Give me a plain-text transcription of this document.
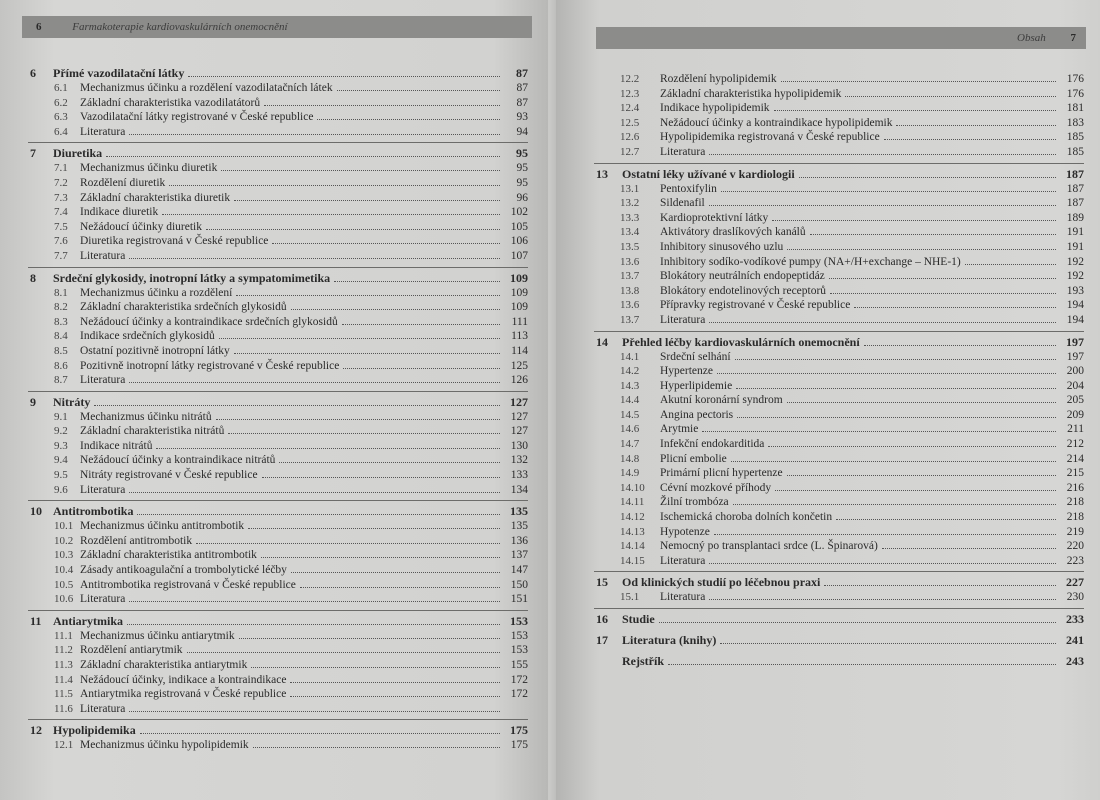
6	Farmakoterapie kardiovaskulárních onemocnění
6	Přímé vazodilatační látky	87
6.1	Mechanizmus účinku a rozdělení vazodilatačních látek	87
6.2	Základní charakteristika vazodilatátorů	87
6.3	Vazodilatační látky registrované v České republice	93
6.4	Literatura	94
7	Diuretika	95
7.1	Mechanizmus účinku diuretik	95
7.2	Rozdělení diuretik	95
7.3	Základní charakteristika diuretik	96
7.4	Indikace diuretik	102
7.5	Nežádoucí účinky diuretik	105
7.6	Diuretika registrovaná v České republice	106
7.7	Literatura	107
8	Srdeční glykosidy, inotropní látky a sympatomimetika	109
8.1	Mechanizmus účinku a rozdělení	109
8.2	Základní charakteristika srdečních glykosidů	109
8.3	Nežádoucí účinky a kontraindikace srdečních glykosidů	111
8.4	Indikace srdečních glykosidů	113
8.5	Ostatní pozitivně inotropní látky	114
8.6	Pozitivně inotropní látky registrované v České republice	125
8.7	Literatura	126
9	Nitráty	127
9.1	Mechanizmus účinku nitrátů	127
9.2	Základní charakteristika nitrátů	127
9.3	Indikace nitrátů	130
9.4	Nežádoucí účinky a kontraindikace nitrátů	132
9.5	Nitráty registrované v České republice	133
9.6	Literatura	134
10 Antitrombotika	135
10.1 Mechanizmus účinku antitrombotik	135
10.2 Rozdělení antitrombotik	136
10.3 Základní charakteristika antitrombotik	137
10.4 Zásady antikoagulační a trombolytické léčby	147
10.5 Antitrombotika registrovaná v České republice	150
10.6 Literatura	151
11 Antiarytmika	153
11.1 Mechanizmus účinku antiarytmik	153
11.2 Rozdělení antiarytmik	153
11.3 Základní charakteristika antiarytmik	155
11.4 Nežádoucí účinky, indikace a kontraindikace	172
11.5 Antiarytmika registrovaná v České republice	172
11.6 Literatura
12 Hypolipidemika	175
12.1 Mechanizmus účinku hypolipidemik	175
Obsah 7
12.2	Rozdělení hypolipidemik	176
12.3	Základní charakteristika hypolipidemik	176
12.4	Indikace hypolipidemik	181
12.5	Nežádoucí účinky a kontraindikace hypolipidemik	183
12.6	Hypolipidemika registrovaná v České republice	185
12.7	Literatura	185
13	Ostatní léky užívané v kardiologii	187
13.1	Pentoxifylin	187
13.2	Sildenafil	187
13.3	Kardioprotektivní látky	189
13.4	Aktivátory draslíkových kanálů	191
13.5	Inhibitory sinusového uzlu	191
13.6	Inhibitory sodíko-vodíkové pumpy (NA+/H+exchange – NHE-1)	192
13.7	Blokátory neutrálních endopeptidáz	192
13.8	Blokátory endotelinových receptorů	193
13.6	Přípravky registrované v České republice	194
13.7	Literatura	194
14	Přehled léčby kardiovaskulárních onemocnění	197
14.1	Srdeční selhání	197
14.2	Hypertenze	200
14.3	Hyperlipidemie	204
14.4	Akutní koronární syndrom	205
14.5	Angina pectoris	209
14.6	Arytmie	211
14.7	Infekční endokarditida	212
14.8	Plicní embolie	214
14.9	Primární plicní hypertenze	215
14.10	Cévní mozkové příhody	216
14.11	Žilní trombóza	218
14.12	Ischemická choroba dolních končetin	218
14.13	Hypotenze	219
14.14	Nemocný po transplantaci srdce (L. Špinarová)	220
14.15	Literatura	223
15	Od klinických studií po léčebnou praxi	227
15.1	Literatura	230
16	Studie	233
17	Literatura (knihy)	241
Rejstřík	243
